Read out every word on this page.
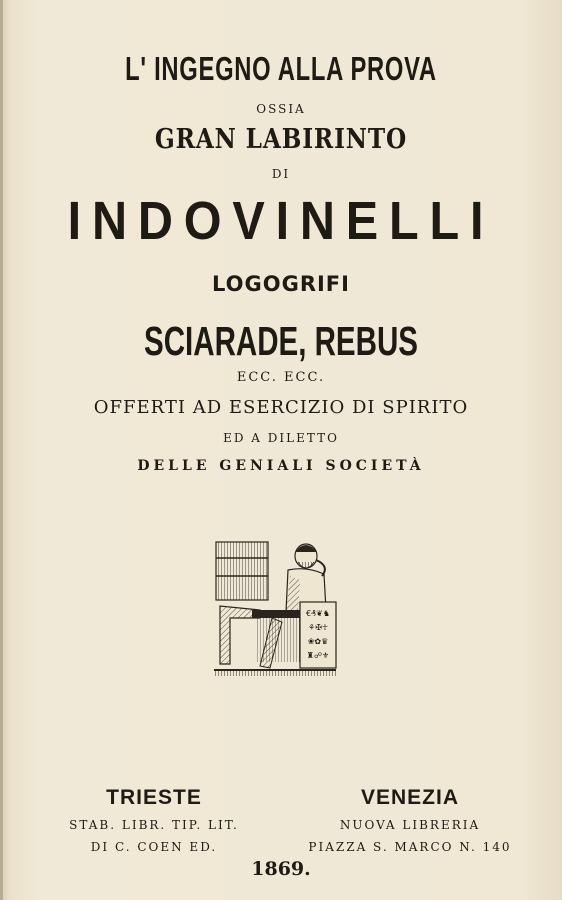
L' INGEGNO ALLA PROVA
OSSIA
GRAN LABIRINTO
DI
INDOVINELLI
LOGOGRIFI
SCIARADE, REBUS
ECC. ECC.
OFFERTI AD ESERCIZIO DI SPIRITO
ED A DILETTO
DELLE GENIALI SOCIETÀ
€₰❦♞
⚘✠☥
❀✿♛
♜☍⚜
TRIESTE
STAB. LIBR. TIP. LIT.
DI C. COEN ED.
VENEZIA
NUOVA LIBRERIA
PIAZZA S. MARCO N. 140
1869.
